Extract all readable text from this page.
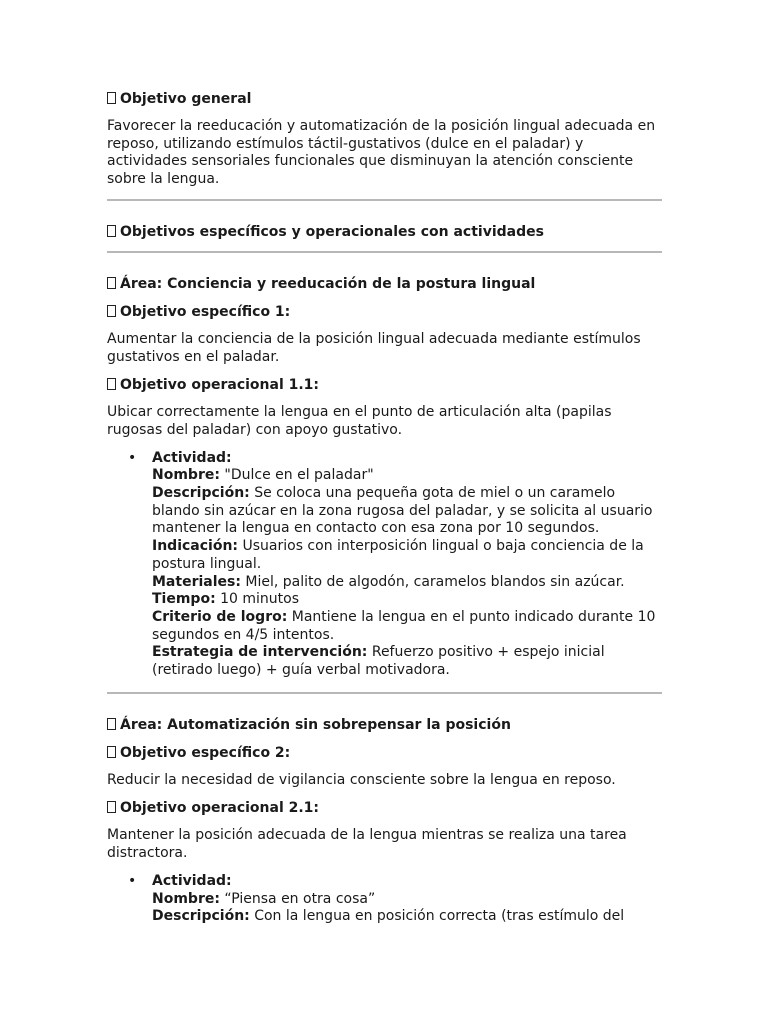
Objetivo general

Favorecer la reeducación y automatización de la posición lingual adecuada en reposo, utilizando estímulos táctil-gustativos (dulce en el paladar) y actividades sensoriales funcionales que disminuyan la atención consciente sobre la lengua.

Objetivos específicos y operacionales con actividades
Área: Conciencia y reeducación de la postura lingual
Objetivo específico 1:

Aumentar la conciencia de la posición lingual adecuada mediante estímulos gustativos en el paladar.

Objetivo operacional 1.1:

Ubicar correctamente la lengua en el punto de articulación alta (papilas rugosas del paladar) con apoyo gustativo.

• Actividad:
Nombre: "Dulce en el paladar"
Descripción: Se coloca una pequeña gota de miel o un caramelo blando sin azúcar en la zona rugosa del paladar, y se solicita al usuario mantener la lengua en contacto con esa zona por 10 segundos.
Indicación: Usuarios con interposición lingual o baja conciencia de la postura lingual.
Materiales: Miel, palito de algodón, caramelos blandos sin azúcar.
Tiempo: 10 minutos
Criterio de logro: Mantiene la lengua en el punto indicado durante 10 segundos en 4/5 intentos.
Estrategia de intervención: Refuerzo positivo + espejo inicial (retirado luego) + guía verbal motivadora.
Área: Automatización sin sobrepensar la posición
Objetivo específico 2:

Reducir la necesidad de vigilancia consciente sobre la lengua en reposo.

Objetivo operacional 2.1:

Mantener la posición adecuada de la lengua mientras se realiza una tarea distractora.

• Actividad:
Nombre: “Piensa en otra cosa”
Descripción: Con la lengua en posición correcta (tras estímulo del
